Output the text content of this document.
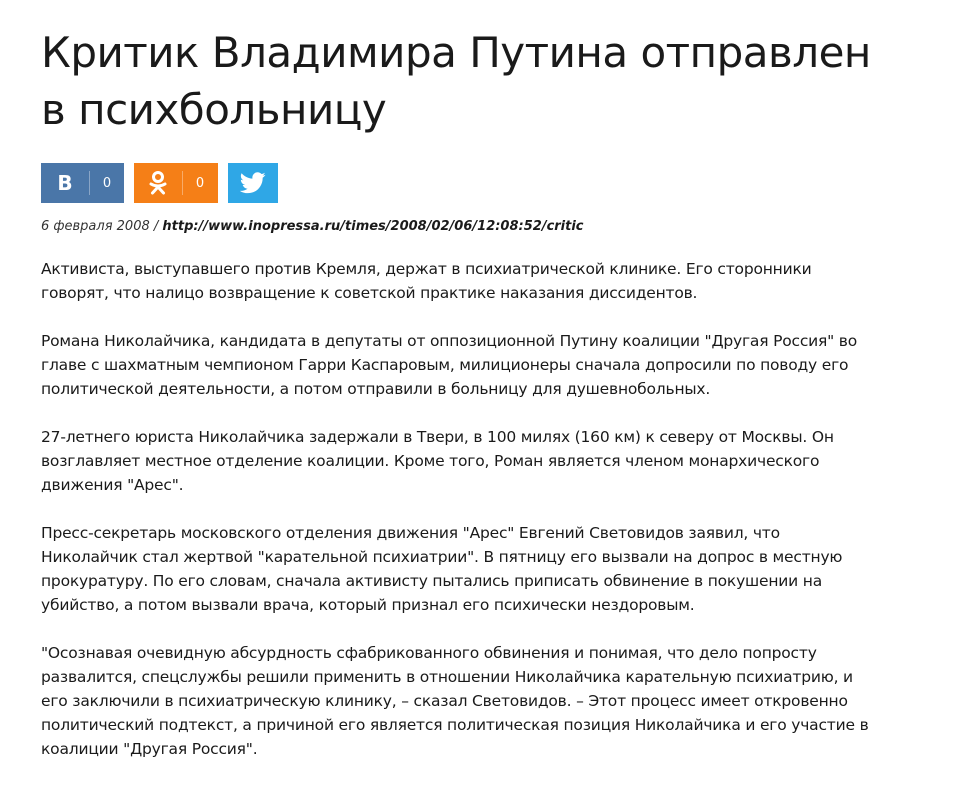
Критик Владимира Путина отправлен в психбольницу
В	0	0
6 февраля 2008 / http://www.inopressa.ru/times/2008/02/06/12:08:52/critic

Активиста, выступавшего против Кремля, держат в психиатрической клинике. Его сторонники говорят, что налицо возвращение к советской практике наказания диссидентов.

Романа Николайчика, кандидата в депутаты от оппозиционной Путину коалиции "Другая Россия" во главе с шахматным чемпионом Гарри Каспаровым, милиционеры сначала допросили по поводу его политической деятельности, а потом отправили в больницу для душевнобольных.

27-летнего юриста Николайчика задержали в Твери, в 100 милях (160 км) к северу от Москвы. Он возглавляет местное отделение коалиции. Кроме того, Роман является членом монархического движения "Арес".

Пресс-секретарь московского отделения движения "Арес" Евгений Световидов заявил, что Николайчик стал жертвой "карательной психиатрии". В пятницу его вызвали на допрос в местную прокуратуру. По его словам, сначала активисту пытались приписать обвинение в покушении на убийство, а потом вызвали врача, который признал его психически нездоровым.

"Осознавая очевидную абсурдность сфабрикованного обвинения и понимая, что дело попросту развалится, спецслужбы решили применить в отношении Николайчика карательную психиатрию, и его заключили в психиатрическую клинику, – сказал Световидов. – Этот процесс имеет откровенно политический подтекст, а причиной его является политическая позиция Николайчика и его участие в коалиции "Другая Россия".
